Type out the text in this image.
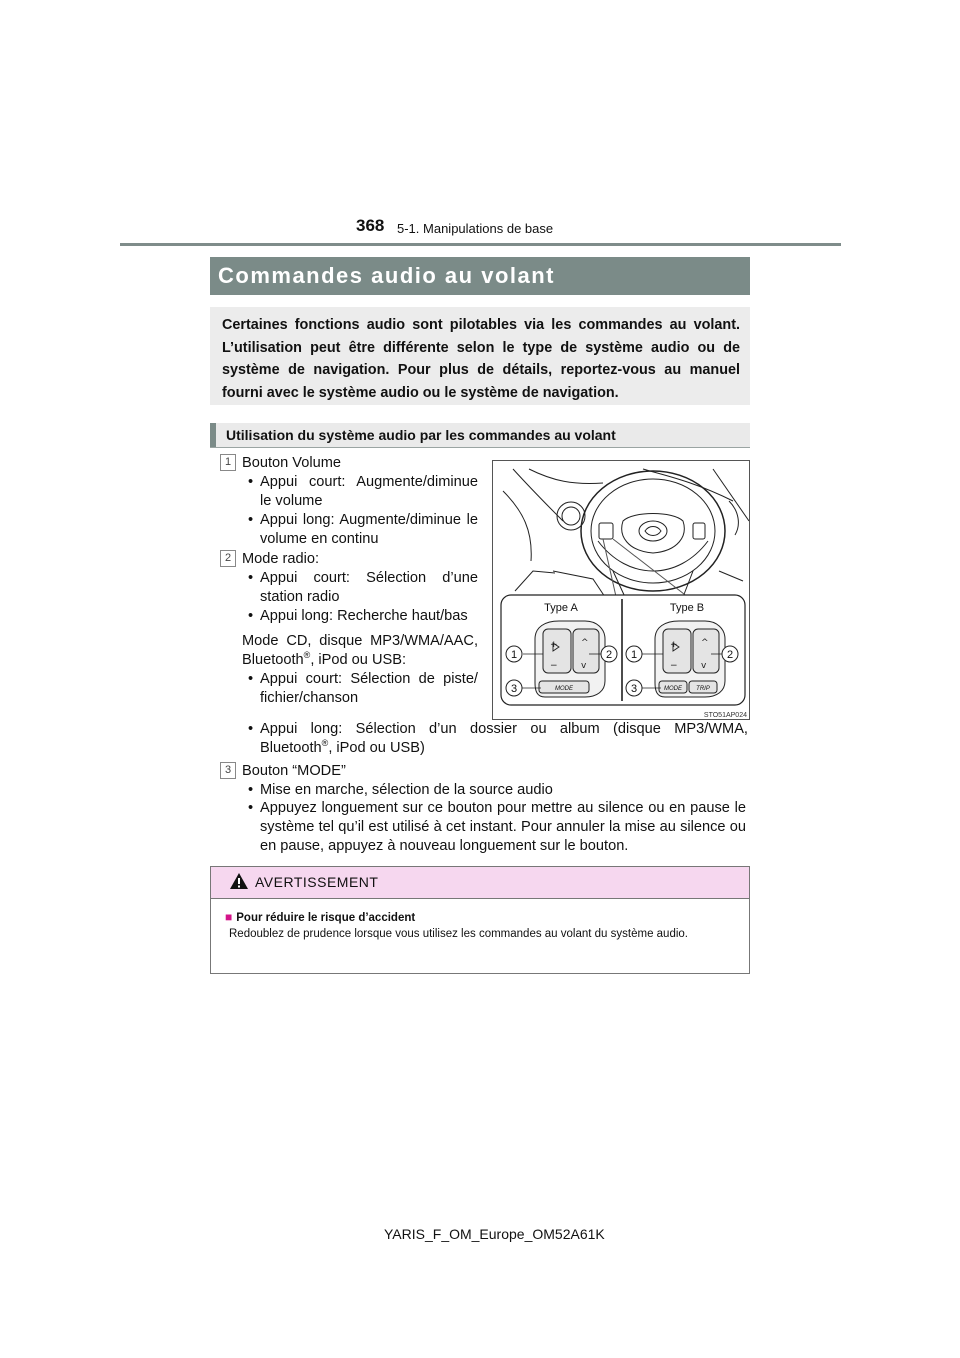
368 5-1. Manipulations de base
Commandes audio au volant
Certaines fonctions audio sont pilotables via les commandes au volant. L’utilisation peut être différente selon le type de système audio ou de système de navigation. Pour plus de détails, reportez-vous au manuel fourni avec le système audio ou le système de navigation.
Utilisation du système audio par les commandes au volant
1 Bouton Volume
• Appui court: Augmente/diminue le volume
• Appui long: Augmente/diminue le volume en continu
2 Mode radio:
• Appui court: Sélection d’une station radio
• Appui long: Recherche haut/bas
Mode CD, disque MP3/WMA/AAC,
Bluetooth®, iPod ou USB:
• Appui court: Sélection de piste/
fichier/chanson
• Appui long: Sélection d’un dossier ou album (disque MP3/WMA,
Bluetooth®, iPod ou USB)
3 Bouton “MODE”
• Mise en marche, sélection de la source audio
• Appuyez longuement sur ce bouton pour mettre au silence ou en pause le système tel qu’il est utilisé à cet instant. Pour annuler la mise au silence ou en pause, appuyez à nouveau longuement sur le bouton.
+
−
^
v
+
−
^
v
1	2
3
1	2
3
MODE	MODE TRIP
Type A	Type B
STO51AP024
AVERTISSEMENT
■ Pour réduire le risque d’accident
Redoublez de prudence lorsque vous utilisez les commandes au volant du système audio.
YARIS_F_OM_Europe_OM52A61K
